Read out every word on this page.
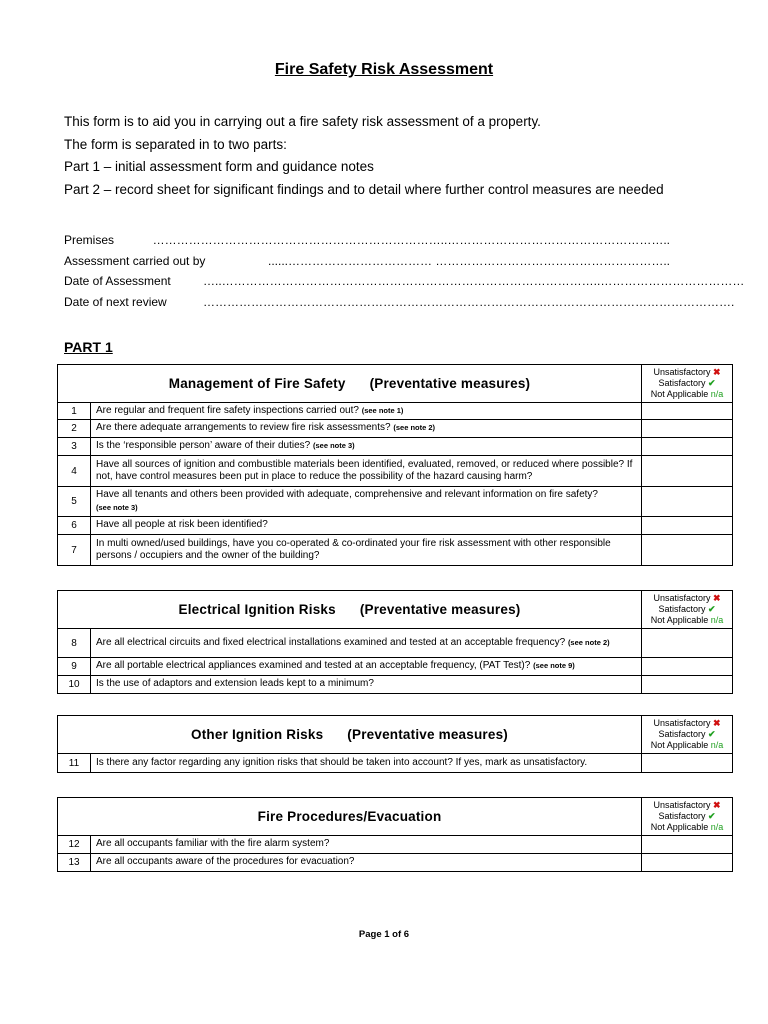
Fire Safety Risk Assessment

This form is to aid you in carrying out a fire safety risk assessment of a property.

The form is separated in to two parts:

Part 1 – initial assessment form and guidance notes

Part 2 – record sheet for significant findings and to detail where further control measures are needed

Premises	………………………………………………………………..………………………………………………..
Assessment carried out by	......……………………………… …………………………………………………..
Date of Assessment	…..…………………………………………………………………………………..………………………………
Date of next review	…………………………………………………………………………………………………………………….
PART 1
Management of Fire Safety (Preventative measures)		Unsatisfactory ✖
Satisfactory ✔
Not Applicable n/a

1	Are regular and frequent fire safety inspections carried out? (see note 1)	
2	Are there adequate arrangements to review fire risk assessments? (see note 2)	
3	Is the ‘responsible person’ aware of their duties? (see note 3)	
4	Have all sources of ignition and combustible materials been identified, evaluated, removed, or reduced where possible? If not, have control measures been put in place to reduce the possibility of the hazard causing harm?	
5	Have all tenants and others been provided with adequate, comprehensive and relevant information on fire safety?
(see note 3)	
6	Have all people at risk been identified?	
7	In multi owned/used buildings, have you co-operated & co-ordinated your fire risk assessment with other responsible persons / occupiers and the owner of the building?	
Electrical Ignition Risks (Preventative measures)		Unsatisfactory ✖
Satisfactory ✔
Not Applicable n/a

8	Are all electrical circuits and fixed electrical installations examined and tested at an acceptable frequency? (see note 2)	
9	Are all portable electrical appliances examined and tested at an acceptable frequency, (PAT Test)? (see note 9)	
10	Is the use of adaptors and extension leads kept to a minimum?	
Other Ignition Risks (Preventative measures)		Unsatisfactory ✖
Satisfactory ✔
Not Applicable n/a

11	Is there any factor regarding any ignition risks that should be taken into account? If yes, mark as unsatisfactory.	
Fire Procedures/Evacuation		Unsatisfactory ✖
Satisfactory ✔
Not Applicable n/a

12	Are all occupants familiar with the fire alarm system?	
13	Are all occupants aware of the procedures for evacuation?	
Page 1 of 6
